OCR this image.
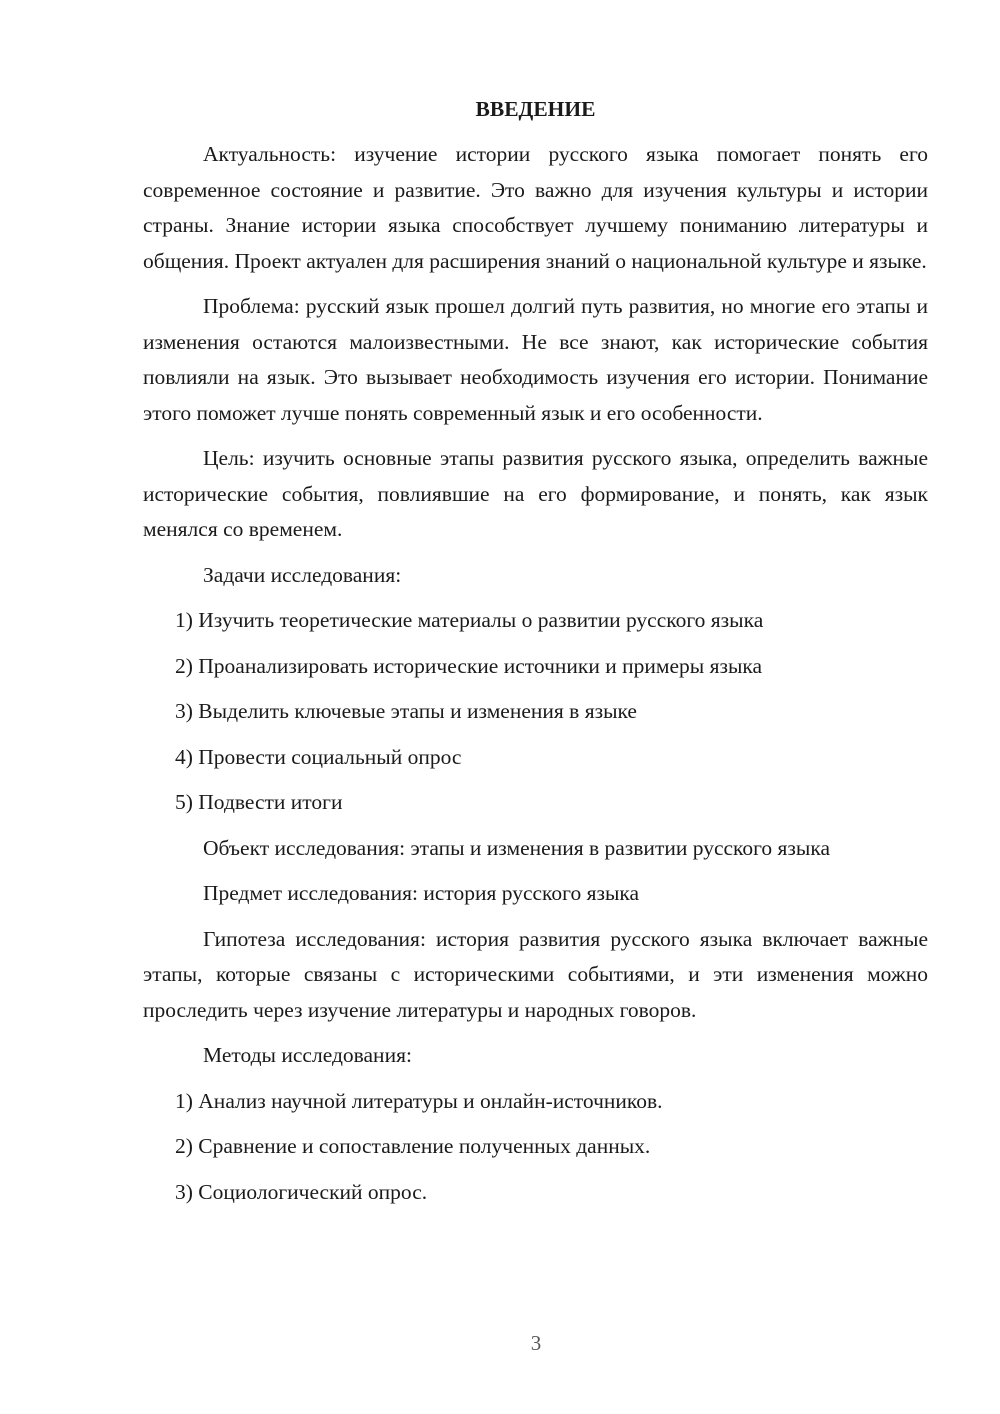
ВВЕДЕНИЕ

Актуальность: изучение истории русского языка помогает понять его современное состояние и развитие. Это важно для изучения культуры и истории страны. Знание истории языка способствует лучшему пониманию литературы и общения. Проект актуален для расширения знаний о национальной культуре и языке.

Проблема: русский язык прошел долгий путь развития, но многие его этапы и изменения остаются малоизвестными. Не все знают, как исторические события повлияли на язык. Это вызывает необходимость изучения его истории. Понимание этого поможет лучше понять современный язык и его особенности.

Цель: изучить основные этапы развития русского языка, определить важные исторические события, повлиявшие на его формирование, и понять, как язык менялся со временем.

Задачи исследования:

1) Изучить теоретические материалы о развитии русского языка

2) Проанализировать исторические источники и примеры языка

3) Выделить ключевые этапы и изменения в языке

4) Провести социальный опрос

5) Подвести итоги

Объект исследования: этапы и изменения в развитии русского языка

Предмет исследования: история русского языка

Гипотеза исследования: история развития русского языка включает важные этапы, которые связаны с историческими событиями, и эти изменения можно проследить через изучение литературы и народных говоров.

Методы исследования:

1) Анализ научной литературы и онлайн-источников.

2) Сравнение и сопоставление полученных данных.

3) Социологический опрос.

3
